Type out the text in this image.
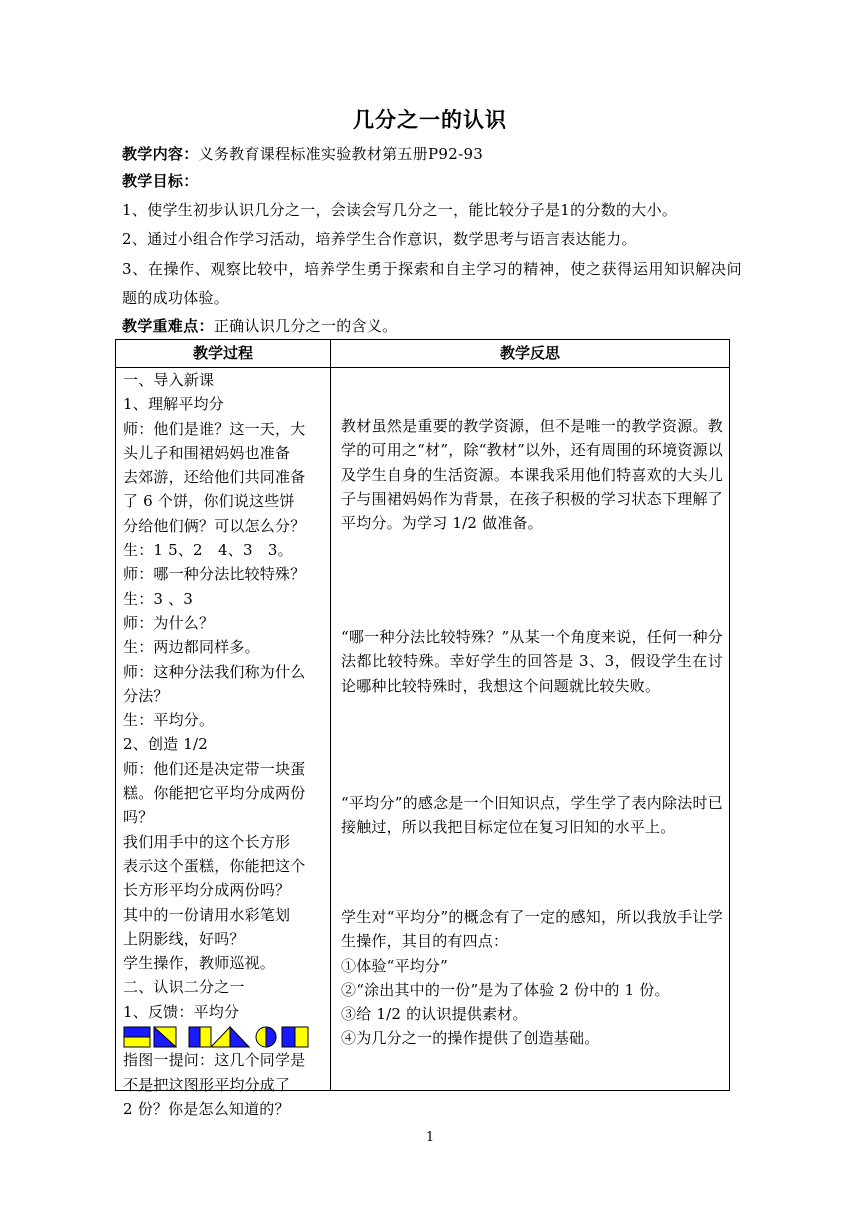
几分之一的认识
教学内容：义务教育课程标准实验教材第五册P92-93
教学目标：
1、使学生初步认识几分之一，会读会写几分之一，能比较分子是1的分数的大小。
2、通过小组合作学习活动，培养学生合作意识，数学思考与语言表达能力。
3、在操作、观察比较中，培养学生勇于探索和自主学习的精神，使之获得运用知识解决问题的成功体验。
教学重难点：正确认识几分之一的含义。
教学过程	教学反思
一、导入新课
1、理解平均分
师：他们是谁？这一天，大
头儿子和围裙妈妈也准备
去郊游，还给他们共同准备
了 6 个饼，你们说这些饼
分给他们俩？可以怎么分？
生：1 5、2　4、3　3。
师：哪一种分法比较特殊？
生：3 、3
师：为什么？
生：两边都同样多。
师：这种分法我们称为什么
分法？
生：平均分。
2、创造 1/2
师：他们还是决定带一块蛋
糕。你能把它平均分成两份
吗？
我们用手中的这个长方形
表示这个蛋糕，你能把这个
长方形平均分成两份吗？
其中的一份请用水彩笔划
上阴影线，好吗？
学生操作，教师巡视。
二、认识二分之一
1、反馈：平均分
指图一提问：这几个同学是
不是把这图形平均分成了
2 份？你是怎么知道的？
教材虽然是重要的教学资源，但不是唯一的教学资源。教学的可用之“材”，除“教材”以外，还有周围的环境资源以及学生自身的生活资源。本课我采用他们特喜欢的大头儿子与围裙妈妈作为背景，在孩子积极的学习状态下理解了平均分。为学习 1/2 做准备。
“哪一种分法比较特殊？”从某一个角度来说，任何一种分法都比较特殊。幸好学生的回答是 3、3，假设学生在讨论哪种比较特殊时，我想这个问题就比较失败。
“平均分”的感念是一个旧知识点，学生学了表内除法时已接触过，所以我把目标定位在复习旧知的水平上。
学生对“平均分”的概念有了一定的感知，所以我放手让学生操作，其目的有四点：
①体验“平均分”
②“涂出其中的一份”是为了体验 2 份中的 1 份。
③给 1/2 的认识提供素材。
④为几分之一的操作提供了创造基础。
1
